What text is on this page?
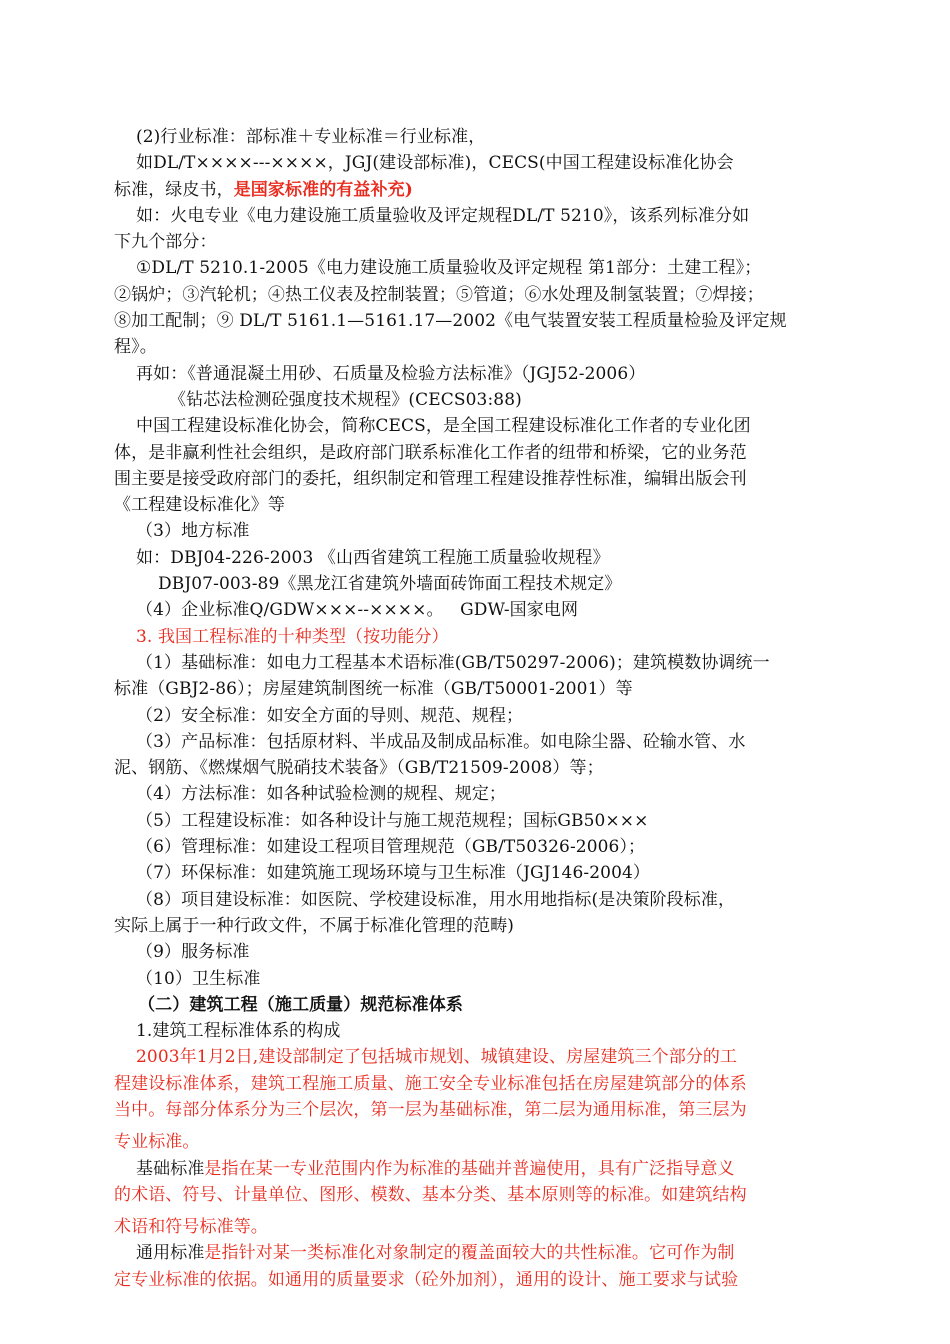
(2)行业标准：部标准＋专业标准＝行业标准，
如DL/T××××---××××，JGJ(建设部标准)，CECS(中国工程建设标准化协会
标准，绿皮书，是国家标准的有益补充)
如：火电专业《电力建设施工质量验收及评定规程DL/T 5210》，该系列标准分如
下九个部分：
①DL/T 5210.1-2005《电力建设施工质量验收及评定规程 第1部分：土建工程》；
②锅炉；③汽轮机；④热工仪表及控制装置；⑤管道；⑥水处理及制氢装置；⑦焊接；
⑧加工配制；⑨ DL/T 5161.1—5161.17—2002《电气装置安装工程质量检验及评定规
程》。
再如：《普通混凝土用砂、石质量及检验方法标准》（JGJ52-2006）
《钻芯法检测砼强度技术规程》(CECS03:88)
中国工程建设标准化协会，简称CECS，是全国工程建设标准化工作者的专业化团
体，是非赢利性社会组织，是政府部门联系标准化工作者的纽带和桥梁，它的业务范
围主要是接受政府部门的委托，组织制定和管理工程建设推荐性标准，编辑出版会刊
《工程建设标准化》等
（3）地方标准
如：DBJ04-226-2003 《山西省建筑工程施工质量验收规程》
DBJ07-003-89《黑龙江省建筑外墙面砖饰面工程技术规定》
（4）企业标准Q/GDW×××--××××。   GDW-国家电网
3. 我国工程标准的十种类型（按功能分）
（1）基础标准：如电力工程基本术语标准(GB/T50297-2006)；建筑模数协调统一
标准（GBJ2-86）；房屋建筑制图统一标准（GB/T50001-2001）等
（2）安全标准：如安全方面的导则、规范、规程；
（3）产品标准：包括原材料、半成品及制成品标准。如电除尘器、砼输水管、水
泥、钢筋、《燃煤烟气脱硝技术装备》（GB/T21509-2008）等；
（4）方法标准：如各种试验检测的规程、规定；
（5）工程建设标准：如各种设计与施工规范规程；国标GB50×××
（6）管理标准：如建设工程项目管理规范（GB/T50326-2006）；
（7）环保标准：如建筑施工现场环境与卫生标准（JGJ146-2004）
（8）项目建设标准：如医院、学校建设标准，用水用地指标(是决策阶段标准，
实际上属于一种行政文件，不属于标准化管理的范畴)
（9）服务标准
（10）卫生标准
（二）建筑工程（施工质量）规范标准体系
1.建筑工程标准体系的构成
2003年1月2日,建设部制定了包括城市规划、城镇建设、房屋建筑三个部分的工
程建设标准体系，建筑工程施工质量、施工安全专业标准包括在房屋建筑部分的体系
当中。每部分体系分为三个层次，第一层为基础标准，第二层为通用标准，第三层为
专业标准。
基础标准是指在某一专业范围内作为标准的基础并普遍使用，具有广泛指导意义
的术语、符号、计量单位、图形、模数、基本分类、基本原则等的标准。如建筑结构
术语和符号标准等。
通用标准是指针对某一类标准化对象制定的覆盖面较大的共性标准。它可作为制
定专业标准的依据。如通用的质量要求（砼外加剂），通用的设计、施工要求与试验
